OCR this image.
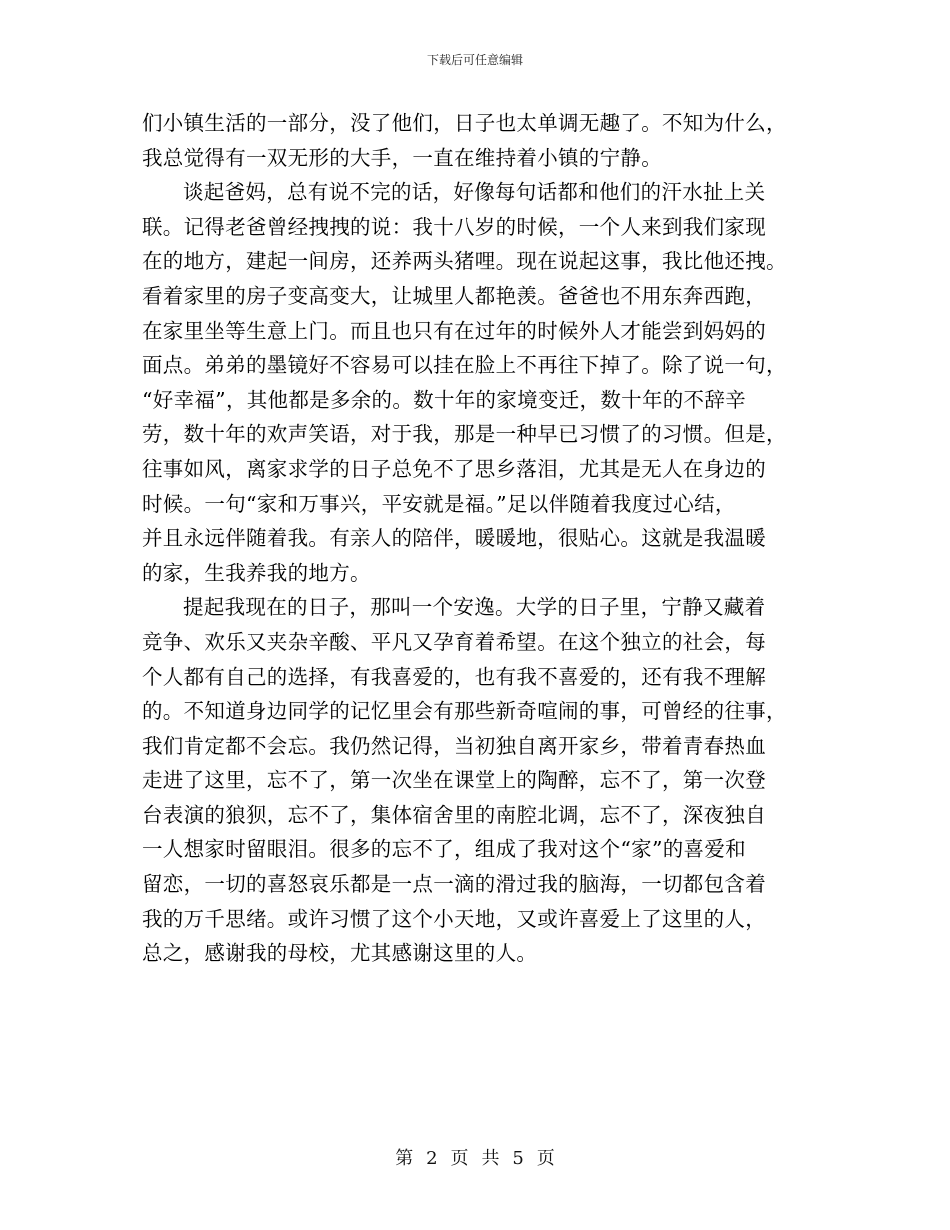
下载后可任意编辑

们小镇生活的一部分，没了他们，日子也太单调无趣了。不知为什么，
我总觉得有一双无形的大手，一直在维持着小镇的宁静。

谈起爸妈，总有说不完的话，好像每句话都和他们的汗水扯上关
联。记得老爸曾经拽拽的说：我十八岁的时候，一个人来到我们家现
在的地方，建起一间房，还养两头猪哩。现在说起这事，我比他还拽。
看着家里的房子变高变大，让城里人都艳羡。爸爸也不用东奔西跑，
在家里坐等生意上门。而且也只有在过年的时候外人才能尝到妈妈的
面点。弟弟的墨镜好不容易可以挂在脸上不再往下掉了。除了说一句，
“好幸福”，其他都是多余的。数十年的家境变迁，数十年的不辞辛
劳，数十年的欢声笑语，对于我，那是一种早已习惯了的习惯。但是，
往事如风，离家求学的日子总免不了思乡落泪，尤其是无人在身边的
时候。一句“家和万事兴，平安就是福。”足以伴随着我度过心结，
并且永远伴随着我。有亲人的陪伴，暖暖地，很贴心。这就是我温暖
的家，生我养我的地方。

提起我现在的日子，那叫一个安逸。大学的日子里，宁静又藏着
竞争、欢乐又夹杂辛酸、平凡又孕育着希望。在这个独立的社会，每
个人都有自己的选择，有我喜爱的，也有我不喜爱的，还有我不理解
的。不知道身边同学的记忆里会有那些新奇喧闹的事，可曾经的往事，
我们肯定都不会忘。我仍然记得，当初独自离开家乡，带着青春热血
走进了这里，忘不了，第一次坐在课堂上的陶醉，忘不了，第一次登
台表演的狼狈，忘不了，集体宿舍里的南腔北调，忘不了，深夜独自
一人想家时留眼泪。很多的忘不了，组成了我对这个“家”的喜爱和
留恋，一切的喜怒哀乐都是一点一滴的滑过我的脑海，一切都包含着
我的万千思绪。或许习惯了这个小天地，又或许喜爱上了这里的人，
总之，感谢我的母校，尤其感谢这里的人。

第 2 页 共 5 页
